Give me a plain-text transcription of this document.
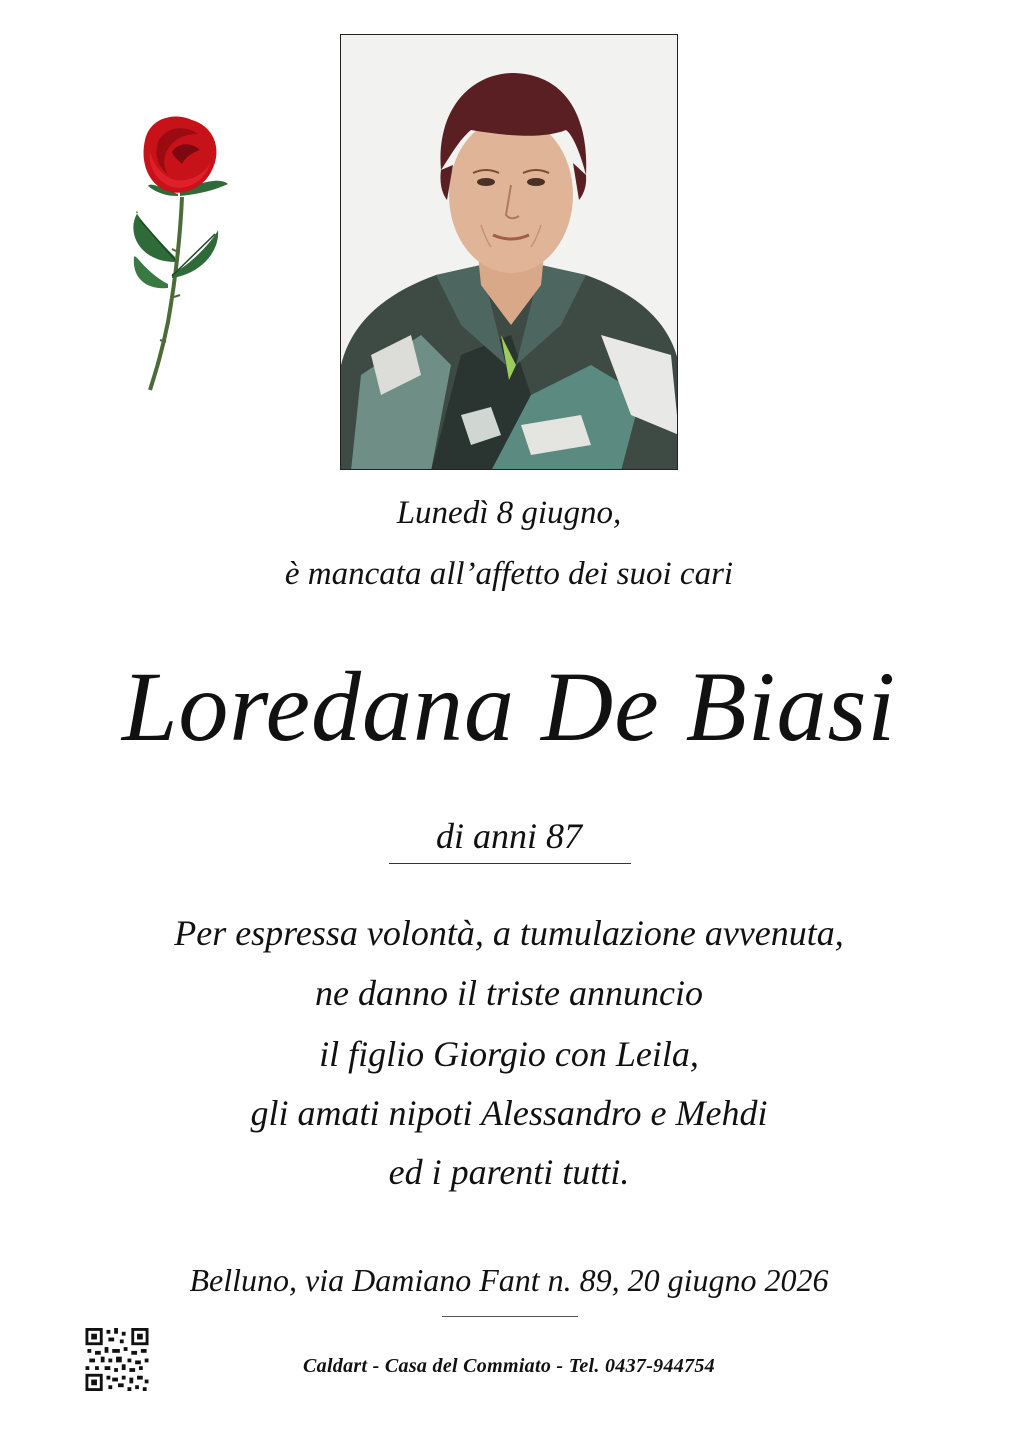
Lunedì 8 giugno,
è mancata all’affetto dei suoi cari
Loredana De Biasi
di anni 87
Per espressa volontà, a tumulazione avvenuta,
ne danno il triste annuncio
il figlio Giorgio con Leila,
gli amati nipoti Alessandro e Mehdi
ed i parenti tutti.
Belluno, via Damiano Fant n. 89, 20 giugno 2026
Caldart - Casa del Commiato - Tel. 0437-944754
